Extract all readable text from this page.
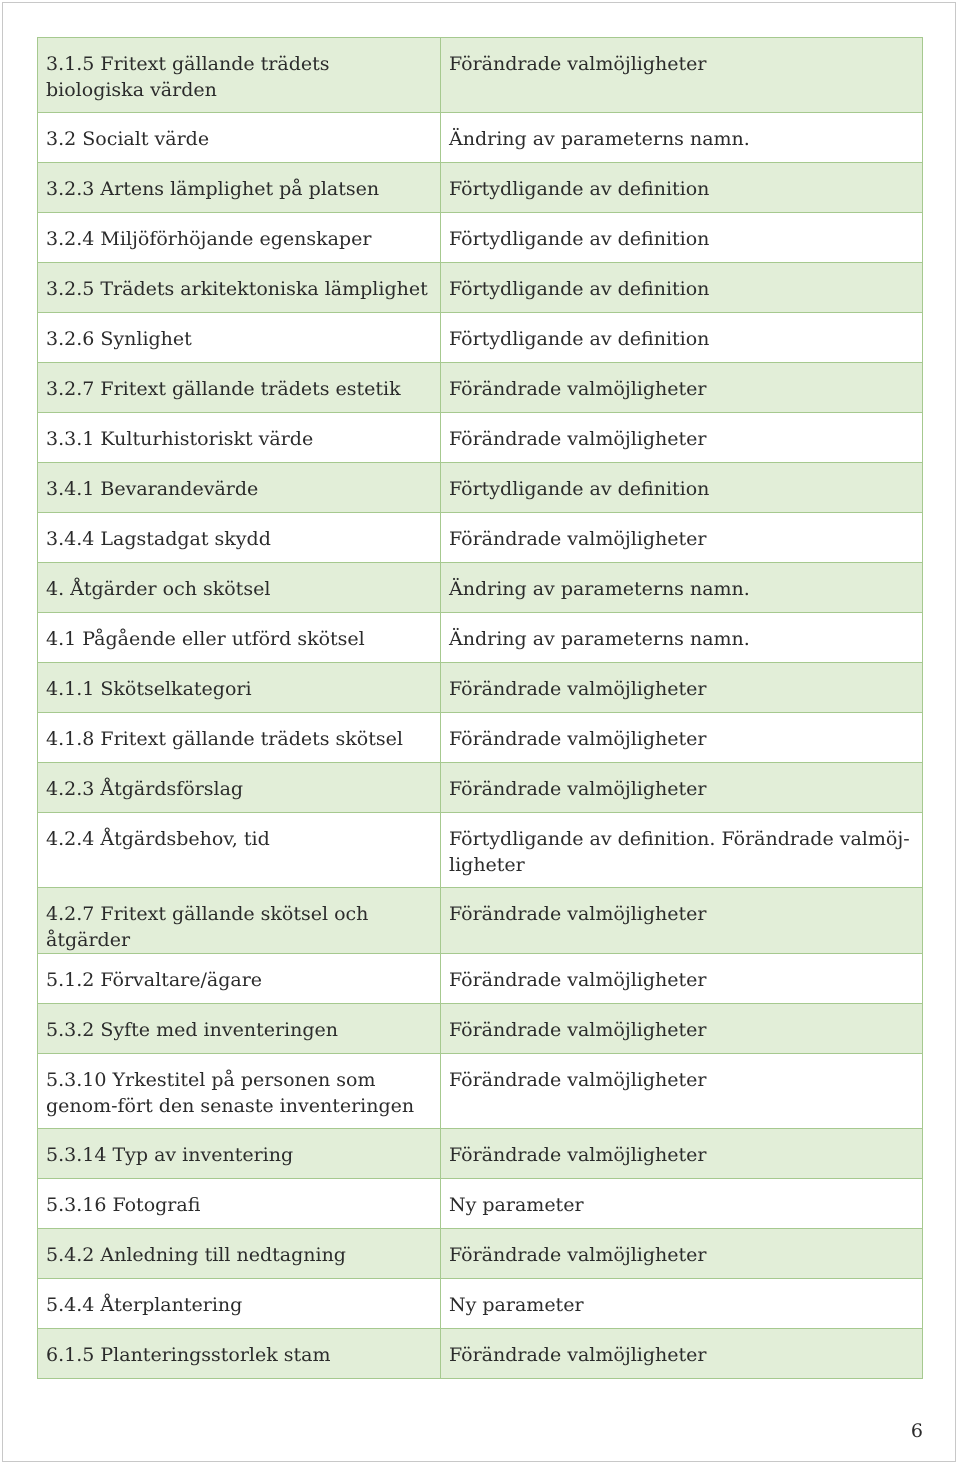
3.1.5 Fritext gällande trädets biologiska värden	Förändrade valmöjligheter
3.2 Socialt värde	Ändring av parameterns namn.
3.2.3 Artens lämplighet på platsen	Förtydligande av definition
3.2.4 Miljöförhöjande egenskaper	Förtydligande av definition
3.2.5 Trädets arkitektoniska lämplighet	Förtydligande av definition
3.2.6 Synlighet	Förtydligande av definition
3.2.7 Fritext gällande trädets estetik	Förändrade valmöjligheter
3.3.1 Kulturhistoriskt värde	Förändrade valmöjligheter
3.4.1 Bevarandevärde	Förtydligande av definition
3.4.4 Lagstadgat skydd	Förändrade valmöjligheter
4. Åtgärder och skötsel	Ändring av parameterns namn.
4.1 Pågående eller utförd skötsel	Ändring av parameterns namn.
4.1.1 Skötselkategori	Förändrade valmöjligheter
4.1.8 Fritext gällande trädets skötsel	Förändrade valmöjligheter
4.2.3 Åtgärdsförslag	Förändrade valmöjligheter
4.2.4 Åtgärdsbehov, tid	Förtydligande av definition. Förändrade valmöj-ligheter
4.2.7 Fritext gällande skötsel och åtgärder	Förändrade valmöjligheter
5.1.2 Förvaltare/ägare	Förändrade valmöjligheter
5.3.2 Syfte med inventeringen	Förändrade valmöjligheter
5.3.10 Yrkestitel på personen som genom-fört den senaste inventeringen	Förändrade valmöjligheter
5.3.14 Typ av inventering	Förändrade valmöjligheter
5.3.16 Fotografi	Ny parameter
5.4.2 Anledning till nedtagning	Förändrade valmöjligheter
5.4.4 Återplantering	Ny parameter
6.1.5 Planteringsstorlek stam	Förändrade valmöjligheter
6
